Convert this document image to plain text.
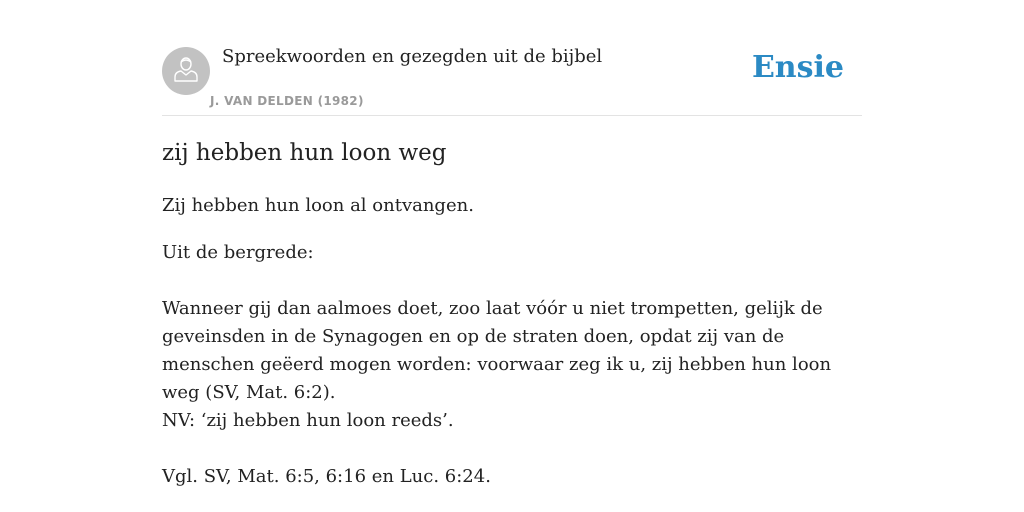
Spreekwoorden en gezegden uit de bijbel
J. VAN DELDEN (1982)
Ensie
zij hebben hun loon weg

Zij hebben hun loon al ontvangen.

Uit de bergrede:

Wanneer gij dan aalmoes doet, zoo laat vóór u niet trompetten, gelijk de geveinsden in de Synagogen en op de straten doen, opdat zij van de menschen geëerd mogen worden: voorwaar zeg ik u, zij hebben hun loon weg (SV, Mat. 6:2).

NV: ‘zij hebben hun loon reeds’.

Vgl. SV, Mat. 6:5, 6:16 en Luc. 6:24.
